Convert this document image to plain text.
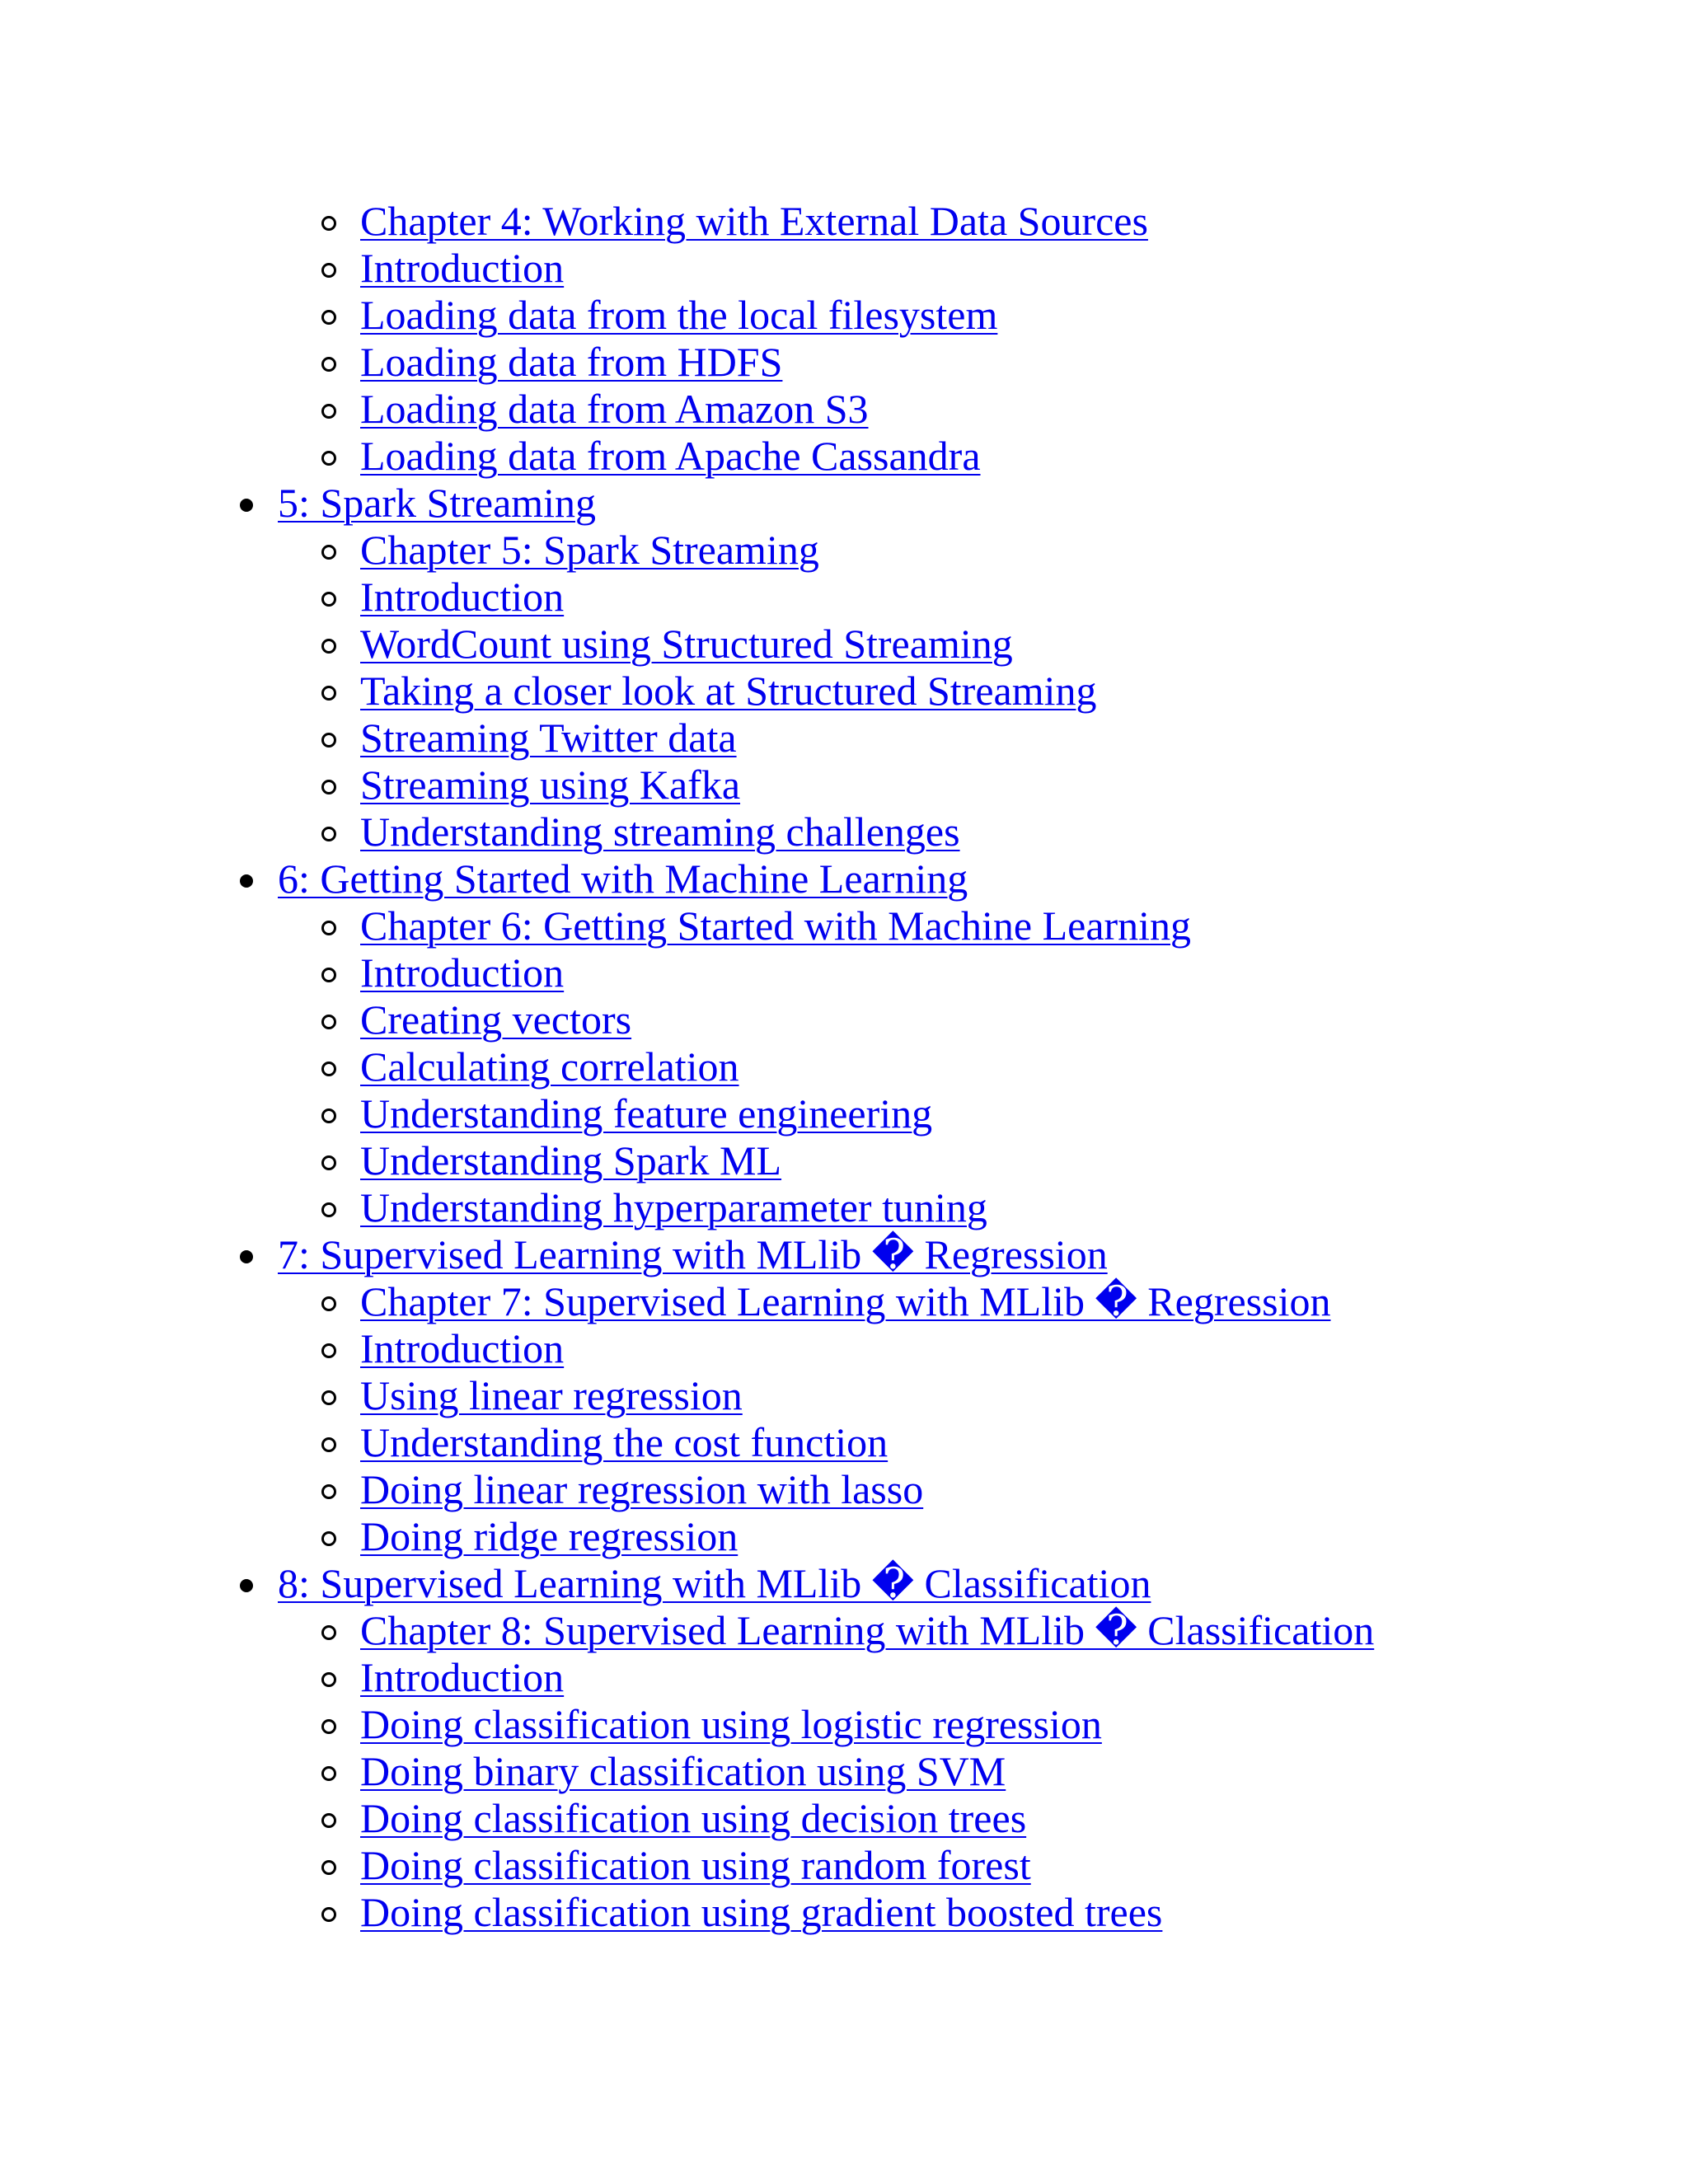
Chapter 4: Working with External Data Sources
Introduction
Loading data from the local filesystem
Loading data from HDFS
Loading data from Amazon S3
Loading data from Apache Cassandra
5: Spark Streaming
Chapter 5: Spark Streaming
Introduction
WordCount using Structured Streaming
Taking a closer look at Structured Streaming
Streaming Twitter data
Streaming using Kafka
Understanding streaming challenges
6: Getting Started with Machine Learning
Chapter 6: Getting Started with Machine Learning
Introduction
Creating vectors
Calculating correlation
Understanding feature engineering
Understanding Spark ML
Understanding hyperparameter tuning
7: Supervised Learning with MLlib � Regression
Chapter 7: Supervised Learning with MLlib � Regression
Introduction
Using linear regression
Understanding the cost function
Doing linear regression with lasso
Doing ridge regression
8: Supervised Learning with MLlib � Classification
Chapter 8: Supervised Learning with MLlib � Classification
Introduction
Doing classification using logistic regression
Doing binary classification using SVM
Doing classification using decision trees
Doing classification using random forest
Doing classification using gradient boosted trees
